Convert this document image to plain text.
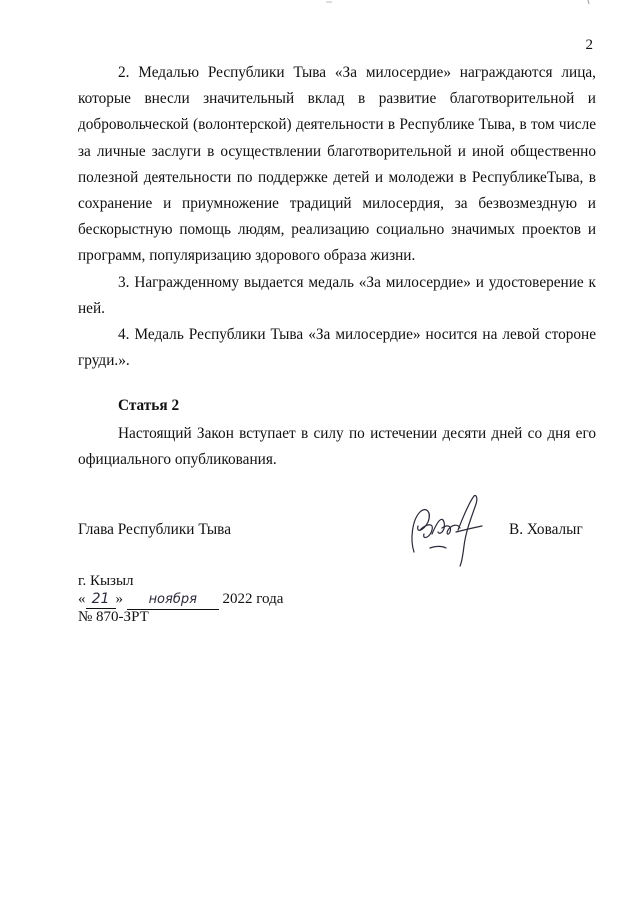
2

2. Медалью Республики Тыва «За милосердие» награждаются лица, которые внесли значительный вклад в развитие благотворительной и добровольческой (волонтерской) деятельности в Республике Тыва, в том числе за личные заслуги в осуществлении благотворительной и иной общественно полезной деятельности по поддержке детей и молодежи в РеспубликеТыва, в сохранение и приумножение традиций милосердия, за безвозмездную и бескорыстную помощь людям, реализацию социально значимых проектов и программ, популяризацию здорового образа жизни.

3. Награжденному выдается медаль «За милосердие» и удостоверение к ней.

4. Медаль Республики Тыва «За милосердие» носится на левой стороне груди.».

Статья 2

Настоящий Закон вступает в силу по истечении десяти дней со дня его официального опубликования.

Глава Республики Тыва	В. Ховалыг
г. Кызыл
« 21 » ноября 2022 года
№ 870-ЗРТ
